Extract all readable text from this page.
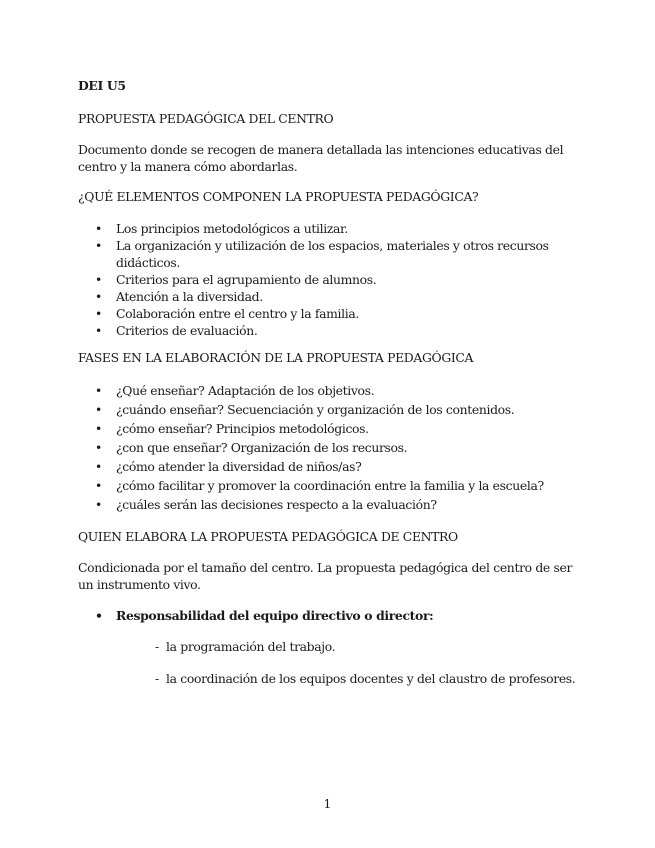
DEI U5

PROPUESTA PEDAGÓGICA DEL CENTRO

Documento donde se recogen de manera detallada las intenciones educativas del centro y la manera cómo abordarlas.

¿QUÉ ELEMENTOS COMPONEN LA PROPUESTA PEDAGÓGICA?

• Los principios metodológicos a utilizar.
• La organización y utilización de los espacios, materiales y otros recursos didácticos.
• Criterios para el agrupamiento de alumnos.
• Atención a la diversidad.
• Colaboración entre el centro y la familia.
• Criterios de evaluación.

FASES EN LA ELABORACIÓN DE LA PROPUESTA PEDAGÓGICA

• ¿Qué enseñar? Adaptación de los objetivos.
• ¿cuándo enseñar? Secuenciación y organización de los contenidos.
• ¿cómo enseñar? Principios metodológicos.
• ¿con que enseñar? Organización de los recursos.
• ¿cómo atender la diversidad de niños/as?
• ¿cómo facilitar y promover la coordinación entre la familia y la escuela?
• ¿cuáles serán las decisiones respecto a la evaluación?

QUIEN ELABORA LA PROPUESTA PEDAGÓGICA DE CENTRO

Condicionada por el tamaño del centro. La propuesta pedagógica del centro de ser un instrumento vivo.

• Responsabilidad del equipo directivo o director:
-  la programación del trabajo.
-  la coordinación de los equipos docentes y del claustro de profesores.
1
